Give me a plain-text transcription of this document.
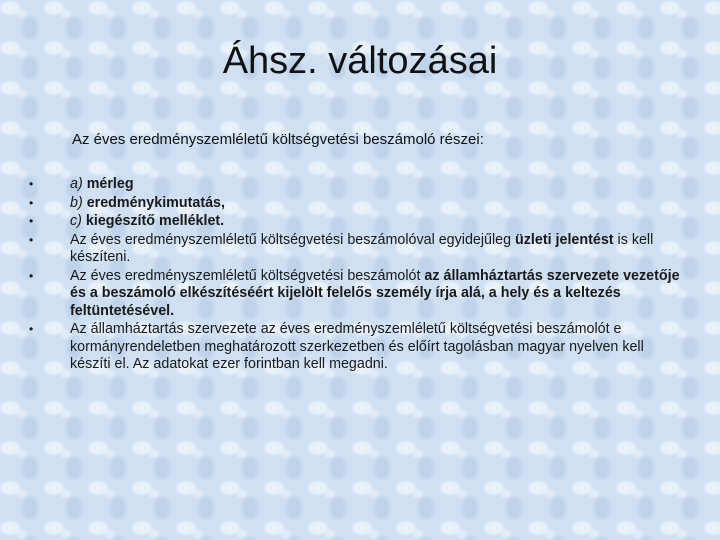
Áhsz. változásai

Az éves eredményszemléletű költségvetési beszámoló részei:

•	a) mérleg
•	b) eredménykimutatás,
•	c) kiegészítő melléklet.
•	Az éves eredményszemléletű költségvetési beszámolóval egyidejűleg üzleti jelentést is kell készíteni.
•	Az éves eredményszemléletű költségvetési beszámolót az államháztartás szervezete vezetője és a beszámoló elkészítéséért kijelölt felelős személy írja alá, a hely és a keltezés feltüntetésével.
•	Az államháztartás szervezete az éves eredményszemléletű költségvetési beszámolót e kormányrendeletben meghatározott szerkezetben és előírt tagolásban magyar nyelven kell készíti el. Az adatokat ezer forintban kell megadni.
